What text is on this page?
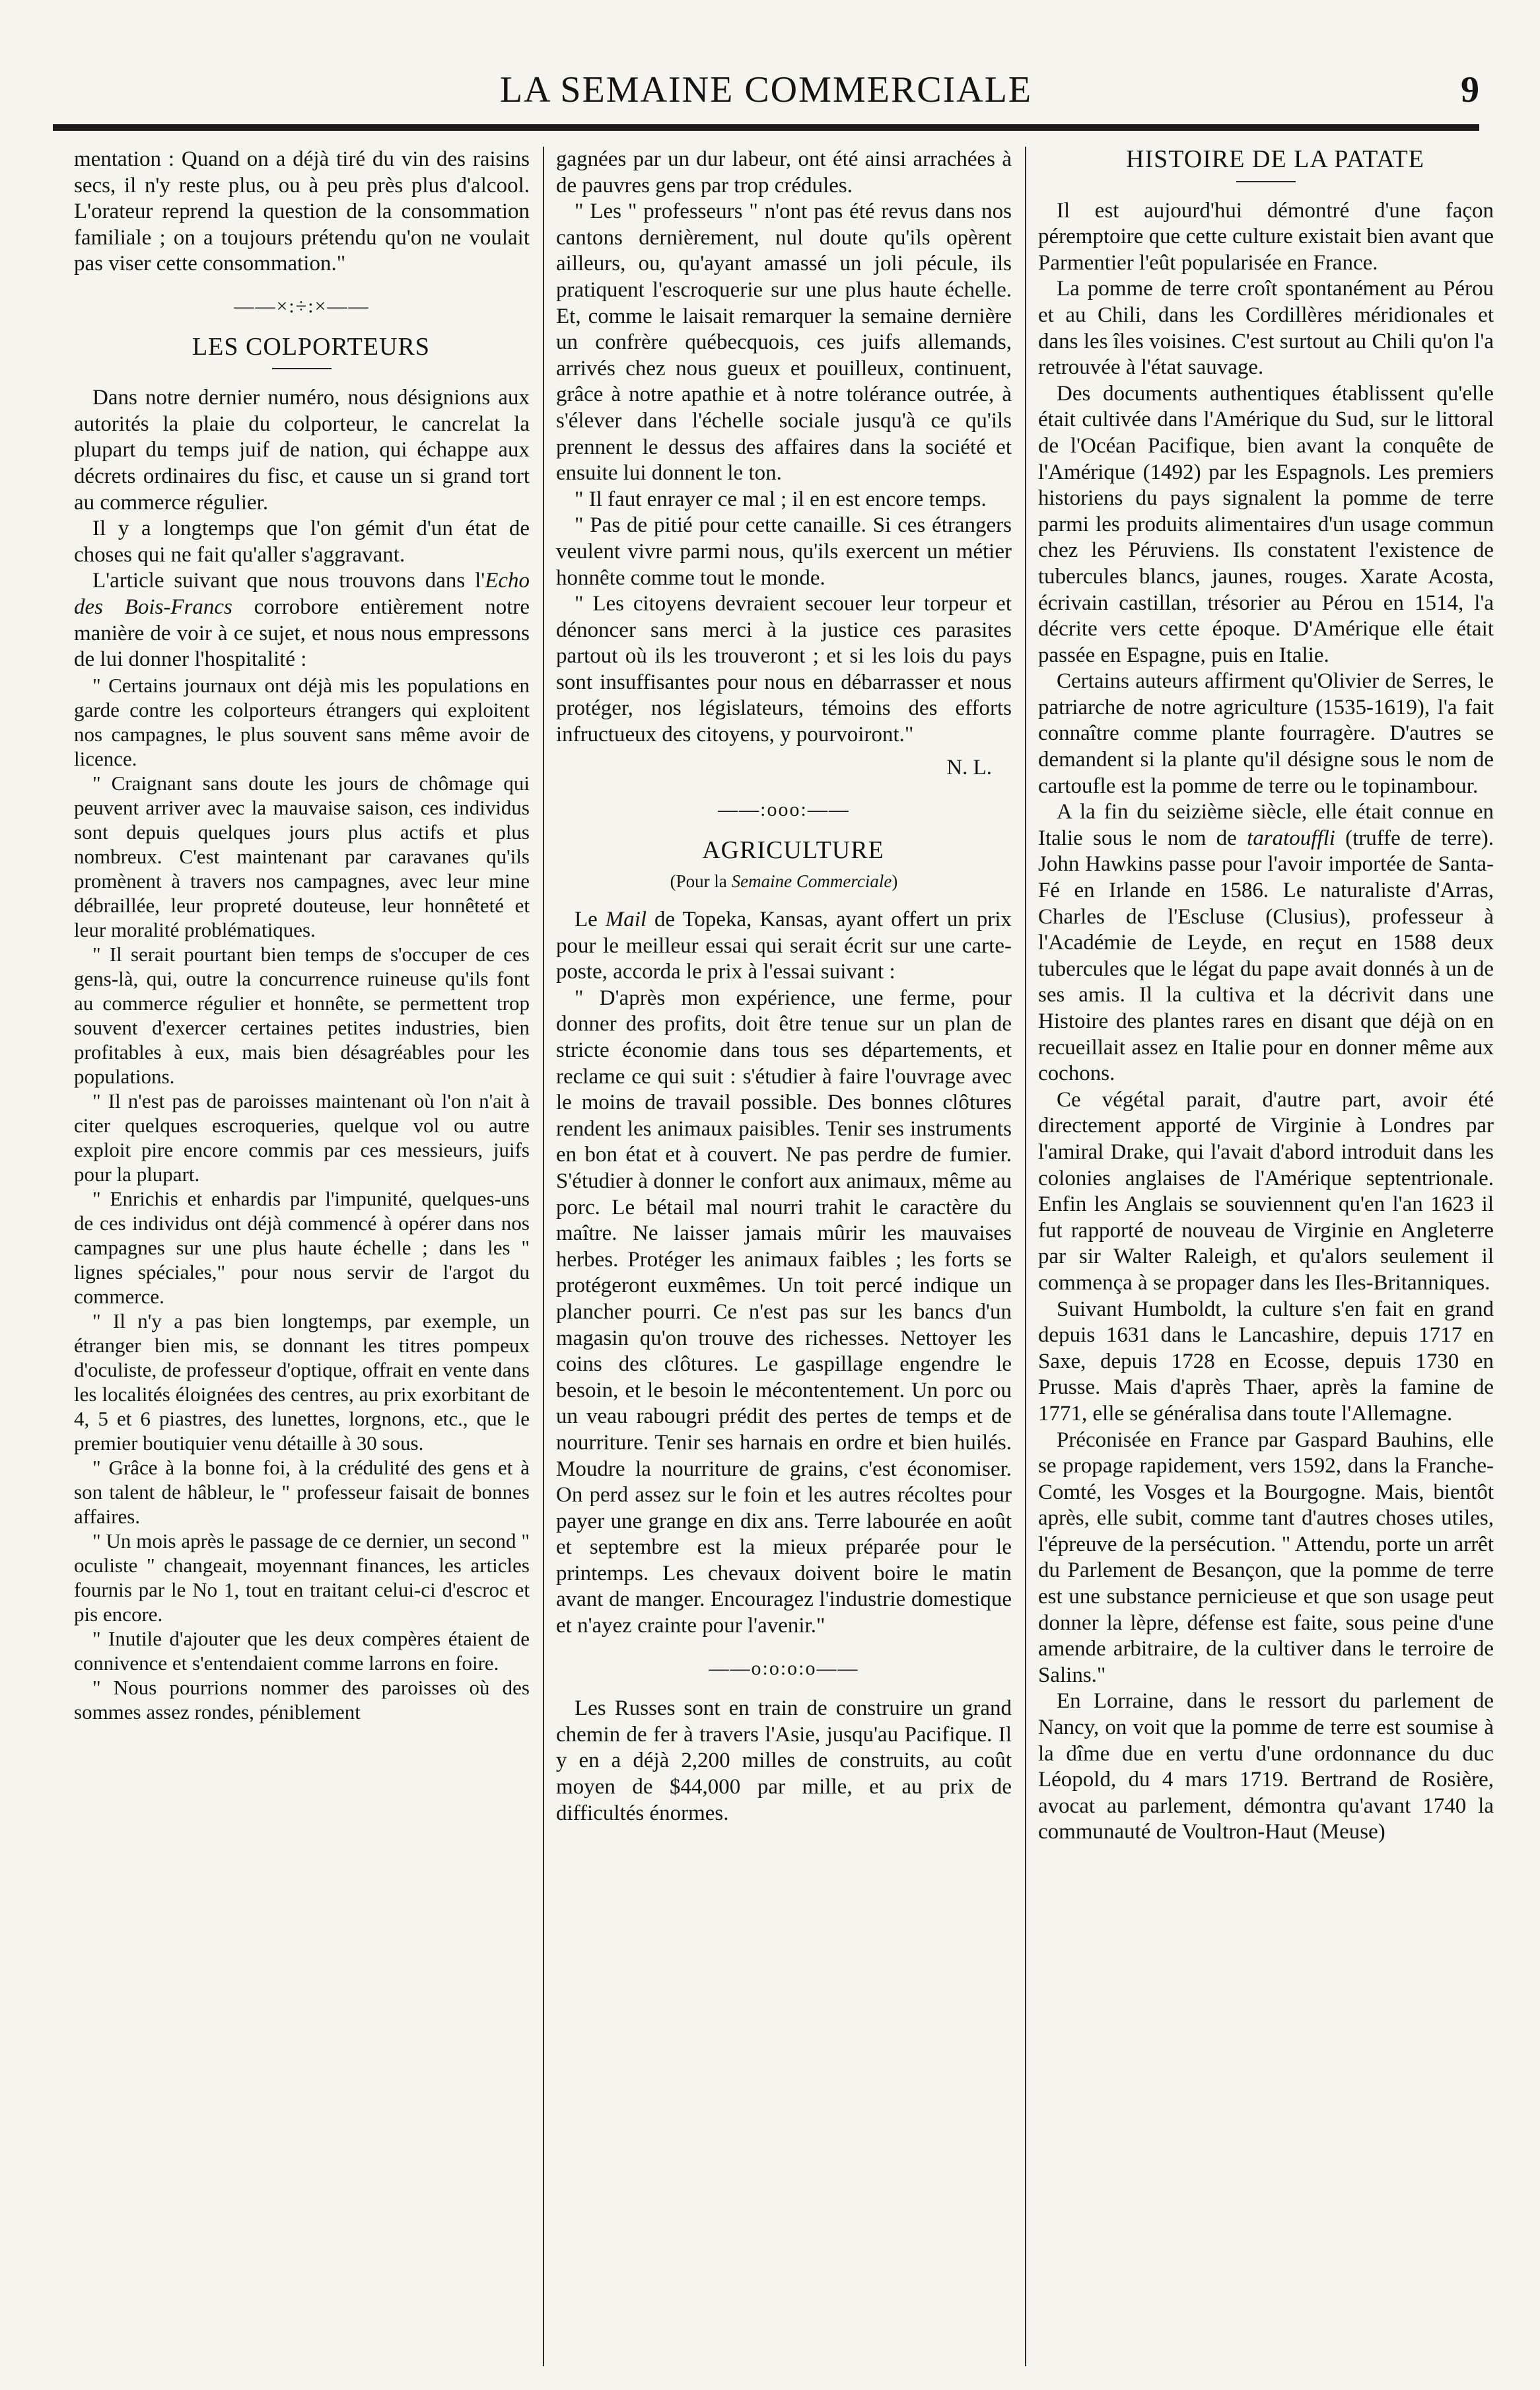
LA SEMAINE COMMERCIALE	9

mentation : Quand on a déjà tiré du vin des raisins secs, il n'y reste plus, ou à peu près plus d'alcool. L'orateur reprend la question de la consommation familiale ; on a toujours prétendu qu'on ne voulait pas viser cette consommation."

——×:÷:×——

LES COLPORTEURS

Dans notre dernier numéro, nous désignions aux autorités la plaie du colporteur, le cancrelat la plupart du temps juif de nation, qui échappe aux décrets ordinaires du fisc, et cause un si grand tort au commerce régulier.

Il y a longtemps que l'on gémit d'un état de choses qui ne fait qu'aller s'aggravant.

L'article suivant que nous trouvons dans l'Echo des Bois-Francs corrobore entièrement notre manière de voir à ce sujet, et nous nous empressons de lui donner l'hospitalité :

" Certains journaux ont déjà mis les populations en garde contre les colporteurs étrangers qui exploitent nos campagnes, le plus souvent sans même avoir de licence.

" Craignant sans doute les jours de chômage qui peuvent arriver avec la mauvaise saison, ces individus sont depuis quelques jours plus actifs et plus nombreux. C'est maintenant par caravanes qu'ils promènent à travers nos campagnes, avec leur mine débraillée, leur propreté douteuse, leur honnêteté et leur moralité problématiques.

" Il serait pourtant bien temps de s'occuper de ces gens-là, qui, outre la concurrence ruineuse qu'ils font au commerce régulier et honnête, se permettent trop souvent d'exercer certaines petites industries, bien profitables à eux, mais bien désagréables pour les populations.

" Il n'est pas de paroisses maintenant où l'on n'ait à citer quelques escroqueries, quelque vol ou autre exploit pire encore commis par ces messieurs, juifs pour la plupart.

" Enrichis et enhardis par l'impunité, quelques-uns de ces individus ont déjà commencé à opérer dans nos campagnes sur une plus haute échelle ; dans les " lignes spéciales," pour nous servir de l'argot du commerce.

" Il n'y a pas bien longtemps, par exemple, un étranger bien mis, se donnant les titres pompeux d'oculiste, de professeur d'optique, offrait en vente dans les localités éloignées des centres, au prix exorbitant de 4, 5 et 6 piastres, des lunettes, lorgnons, etc., que le premier boutiquier venu détaille à 30 sous.

" Grâce à la bonne foi, à la crédulité des gens et à son talent de hâbleur, le " professeur faisait de bonnes affaires.

" Un mois après le passage de ce dernier, un second " oculiste " changeait, moyennant finances, les articles fournis par le No 1, tout en traitant celui-ci d'escroc et pis encore.

" Inutile d'ajouter que les deux compères étaient de connivence et s'entendaient comme larrons en foire.

" Nous pourrions nommer des paroisses où des sommes assez rondes, péniblement

gagnées par un dur labeur, ont été ainsi arrachées à de pauvres gens par trop crédules.

" Les " professeurs " n'ont pas été revus dans nos cantons dernièrement, nul doute qu'ils opèrent ailleurs, ou, qu'ayant amassé un joli pécule, ils pratiquent l'escroquerie sur une plus haute échelle. Et, comme le laisait remarquer la semaine dernière un confrère québecquois, ces juifs allemands, arrivés chez nous gueux et pouilleux, continuent, grâce à notre apathie et à notre tolérance outrée, à s'élever dans l'échelle sociale jusqu'à ce qu'ils prennent le dessus des affaires dans la société et ensuite lui donnent le ton.

" Il faut enrayer ce mal ; il en est encore temps.

" Pas de pitié pour cette canaille. Si ces étrangers veulent vivre parmi nous, qu'ils exercent un métier honnête comme tout le monde.

" Les citoyens devraient secouer leur torpeur et dénoncer sans merci à la justice ces parasites partout où ils les trouveront ; et si les lois du pays sont insuffisantes pour nous en débarrasser et nous protéger, nos législateurs, témoins des efforts infructueux des citoyens, y pourvoiront."

N. L.
——:ooo:——

AGRICULTURE

(Pour la Semaine Commerciale)

Le Mail de Topeka, Kansas, ayant offert un prix pour le meilleur essai qui serait écrit sur une carte-poste, accorda le prix à l'essai suivant :

" D'après mon expérience, une ferme, pour donner des profits, doit être tenue sur un plan de stricte économie dans tous ses départements, et reclame ce qui suit : s'étudier à faire l'ouvrage avec le moins de travail possible. Des bonnes clôtures rendent les animaux paisibles. Tenir ses instruments en bon état et à couvert. Ne pas perdre de fumier. S'étudier à donner le confort aux animaux, même au porc. Le bétail mal nourri trahit le caractère du maître. Ne laisser jamais mûrir les mauvaises herbes. Protéger les animaux faibles ; les forts se protégeront euxmêmes. Un toit percé indique un plancher pourri. Ce n'est pas sur les bancs d'un magasin qu'on trouve des richesses. Nettoyer les coins des clôtures. Le gaspillage engendre le besoin, et le besoin le mécontentement. Un porc ou un veau rabougri prédit des pertes de temps et de nourriture. Tenir ses harnais en ordre et bien huilés. Moudre la nourriture de grains, c'est économiser. On perd assez sur le foin et les autres récoltes pour payer une grange en dix ans. Terre labourée en août et septembre est la mieux préparée pour le printemps. Les chevaux doivent boire le matin avant de manger. Encouragez l'industrie domestique et n'ayez crainte pour l'avenir."

——o:o:o:o——

Les Russes sont en train de construire un grand chemin de fer à travers l'Asie, jusqu'au Pacifique. Il y en a déjà 2,200 milles de construits, au coût moyen de $44,000 par mille, et au prix de difficultés énormes.

HISTOIRE DE LA PATATE

Il est aujourd'hui démontré d'une façon péremptoire que cette culture existait bien avant que Parmentier l'eût popularisée en France.

La pomme de terre croît spontanément au Pérou et au Chili, dans les Cordillères méridionales et dans les îles voisines. C'est surtout au Chili qu'on l'a retrouvée à l'état sauvage.

Des documents authentiques établissent qu'elle était cultivée dans l'Amérique du Sud, sur le littoral de l'Océan Pacifique, bien avant la conquête de l'Amérique (1492) par les Espagnols. Les premiers historiens du pays signalent la pomme de terre parmi les produits alimentaires d'un usage commun chez les Péruviens. Ils constatent l'existence de tubercules blancs, jaunes, rouges. Xarate Acosta, écrivain castillan, trésorier au Pérou en 1514, l'a décrite vers cette époque. D'Amérique elle était passée en Espagne, puis en Italie.

Certains auteurs affirment qu'Olivier de Serres, le patriarche de notre agriculture (1535-1619), l'a fait connaître comme plante fourragère. D'autres se demandent si la plante qu'il désigne sous le nom de cartoufle est la pomme de terre ou le topinambour.

A la fin du seizième siècle, elle était connue en Italie sous le nom de taratouffli (truffe de terre). John Hawkins passe pour l'avoir importée de Santa-Fé en Irlande en 1586. Le naturaliste d'Arras, Charles de l'Escluse (Clusius), professeur à l'Académie de Leyde, en reçut en 1588 deux tubercules que le légat du pape avait donnés à un de ses amis. Il la cultiva et la décrivit dans une Histoire des plantes rares en disant que déjà on en recueillait assez en Italie pour en donner même aux cochons.

Ce végétal parait, d'autre part, avoir été directement apporté de Virginie à Londres par l'amiral Drake, qui l'avait d'abord introduit dans les colonies anglaises de l'Amérique septentrionale. Enfin les Anglais se souviennent qu'en l'an 1623 il fut rapporté de nouveau de Virginie en Angleterre par sir Walter Raleigh, et qu'alors seulement il commença à se propager dans les Iles-Britanniques.

Suivant Humboldt, la culture s'en fait en grand depuis 1631 dans le Lancashire, depuis 1717 en Saxe, depuis 1728 en Ecosse, depuis 1730 en Prusse. Mais d'après Thaer, après la famine de 1771, elle se généralisa dans toute l'Allemagne.

Préconisée en France par Gaspard Bauhins, elle se propage rapidement, vers 1592, dans la Franche-Comté, les Vosges et la Bourgogne. Mais, bientôt après, elle subit, comme tant d'autres choses utiles, l'épreuve de la persécution. " Attendu, porte un arrêt du Parlement de Besançon, que la pomme de terre est une substance pernicieuse et que son usage peut donner la lèpre, défense est faite, sous peine d'une amende arbitraire, de la cultiver dans le terroire de Salins."

En Lorraine, dans le ressort du parlement de Nancy, on voit que la pomme de terre est soumise à la dîme due en vertu d'une ordonnance du duc Léopold, du 4 mars 1719. Bertrand de Rosière, avocat au parlement, démontra qu'avant 1740 la communauté de Voultron-Haut (Meuse)
